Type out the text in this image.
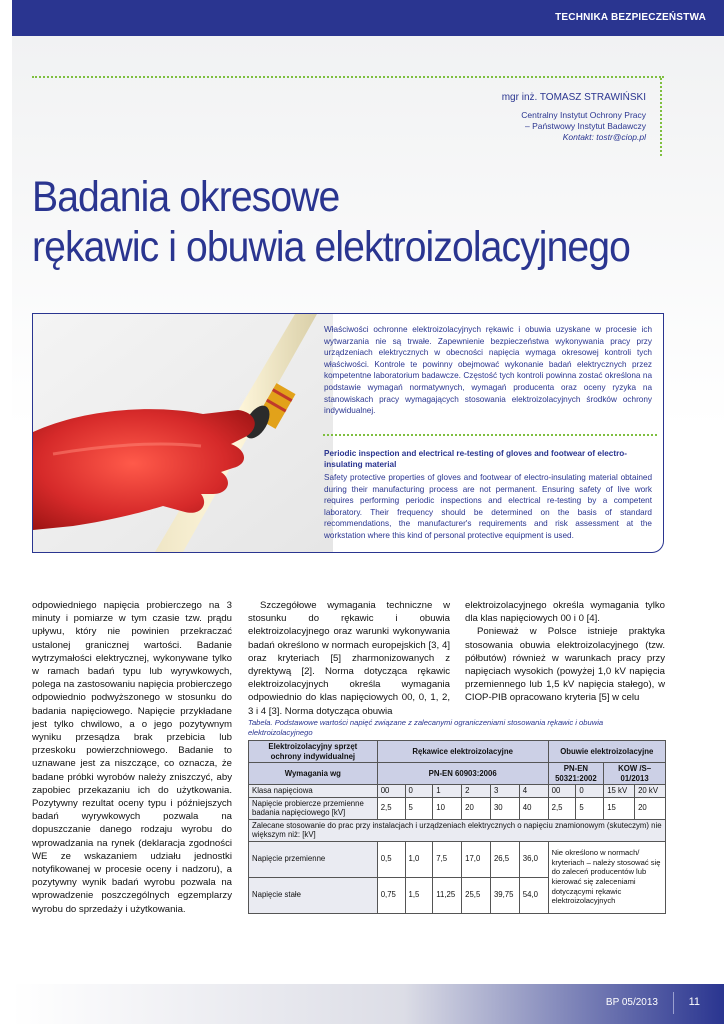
TECHNIKA BEZPIECZEŃSTWA
mgr inż. TOMASZ STRAWIŃSKI
Centralny Instytut Ochrony Pracy
– Państwowy Instytut Badawczy
Kontakt: tostr@ciop.pl
Badania okresowe
rękawic i obuwia elektroizolacyjnego
Właściwości ochronne elektroizolacyjnych rękawic i obuwia uzyskane w procesie ich wytwarzania nie są trwałe. Zapewnienie bezpieczeństwa wykonywania pracy przy urządzeniach elektrycznych w obecności napięcia wymaga okresowej kontroli tych właściwości. Kontrole te powinny obejmować wykonanie badań elektrycznych przez kompetentne laboratorium badawcze. Częstość tych kontroli powinna zostać określona na podstawie wymagań normatywnych, wymagań producenta oraz oceny ryzyka na stanowiskach pracy wymagających stosowania elektroizolacyjnych środków ochrony indywidualnej.
Periodic inspection and electrical re-testing of gloves and footwear of electro-insulating material
Safety protective properties of gloves and footwear of electro-insulating material obtained during their manufacturing process are not permanent. Ensuring safety of live work requires performing periodic inspections and electrical re-testing by a competent laboratory. Their frequency should be determined on the basis of standard recommendations, the manufacturer's requirements and risk assessment at the workstation where this kind of personal protective equipment is used.
odpowiedniego napięcia probierczego na 3 minuty i pomiarze w tym czasie tzw. prądu upływu, który nie powinien przekraczać ustalonej granicznej wartości. Badanie wytrzymałości elektrycznej, wykonywane tylko w ramach badań typu lub wyrywkowych, polega na zastosowaniu napięcia probierczego odpowiednio podwyższonego w stosunku do badania napięciowego. Napięcie przykładane jest tylko chwilowo, a o jego pozytywnym wyniku przesądza brak przebicia lub przeskoku powierzchniowego. Badanie to uznawane jest za niszczące, co oznacza, że badane próbki wyrobów należy zniszczyć, aby zapobiec przekazaniu ich do użytkowania. Pozytywny rezultat oceny typu i późniejszych badań wyrywkowych pozwala na dopuszczanie danego rodzaju wyrobu do wprowadzania na rynek (deklaracja zgodności WE ze wskazaniem udziału jednostki notyfikowanej w procesie oceny i nadzoru), a pozytywny wynik badań wyrobu pozwala na wprowadzenie poszczególnych egzemplarzy wyrobu do sprzedaży i użytkowania.

Szczegółowe wymagania techniczne w stosunku do rękawic i obuwia elektroizolacyjnego oraz warunki wykonywania badań określono w normach europejskich [3, 4] oraz kryteriach [5] zharmonizowanych z dyrektywą [2]. Norma dotycząca rękawic elektroizolacyjnych określa wymagania odpowiednio do klas napięciowych 00, 0, 1, 2, 3 i 4 [3]. Norma dotycząca obuwia

elektroizolacyjnego określa wymagania tylko dla klas napięciowych 00 i 0 [4].

Ponieważ w Polsce istnieje praktyka stosowania obuwia elektroizolacyjnego (tzw. półbutów) również w warunkach pracy przy napięciach wysokich (powyżej 1,0 kV napięcia przemiennego lub 1,5 kV napięcia stałego), w CIOP-PIB opracowano kryteria [5] w celu

Tabela. Podstawowe wartości napięć związane z zalecanymi ograniczeniami stosowania rękawic i obuwia elektroizolacyjnego
Elektroizolacyjny sprzęt ochrony indywidualnej	Rękawice elektroizolacyjne						Obuwie elektroizolacyjne			
Wymagania wg	PN-EN 60903:2006						PN-EN 50321:2002		KOW /S–01/2013	
Klasa napięciowa	00	0	1	2	3	4	00	0	15 kV	20 kV
Napięcie probiercze przemienne badania napięciowego [kV]	2,5	5	10	20	30	40	2,5	5	15	20
Zalecane stosowanie do prac przy instalacjach i urządzeniach elektrycznych o napięciu znamionowym (skuteczym) nie większym niż: [kV]										
Napięcie przemienne	0,5	1,0	7,5	17,0	26,5	36,0	Nie określono w normach/ kryteriach – należy stosować się do zaleceń producentów lub kierować się zaleceniami dotyczącymi rękawic elektroizolacyjnych			
Napięcie stałe	0,75	1,5	11,25	25,5	39,75	54,0				
BP 05/2013	11
